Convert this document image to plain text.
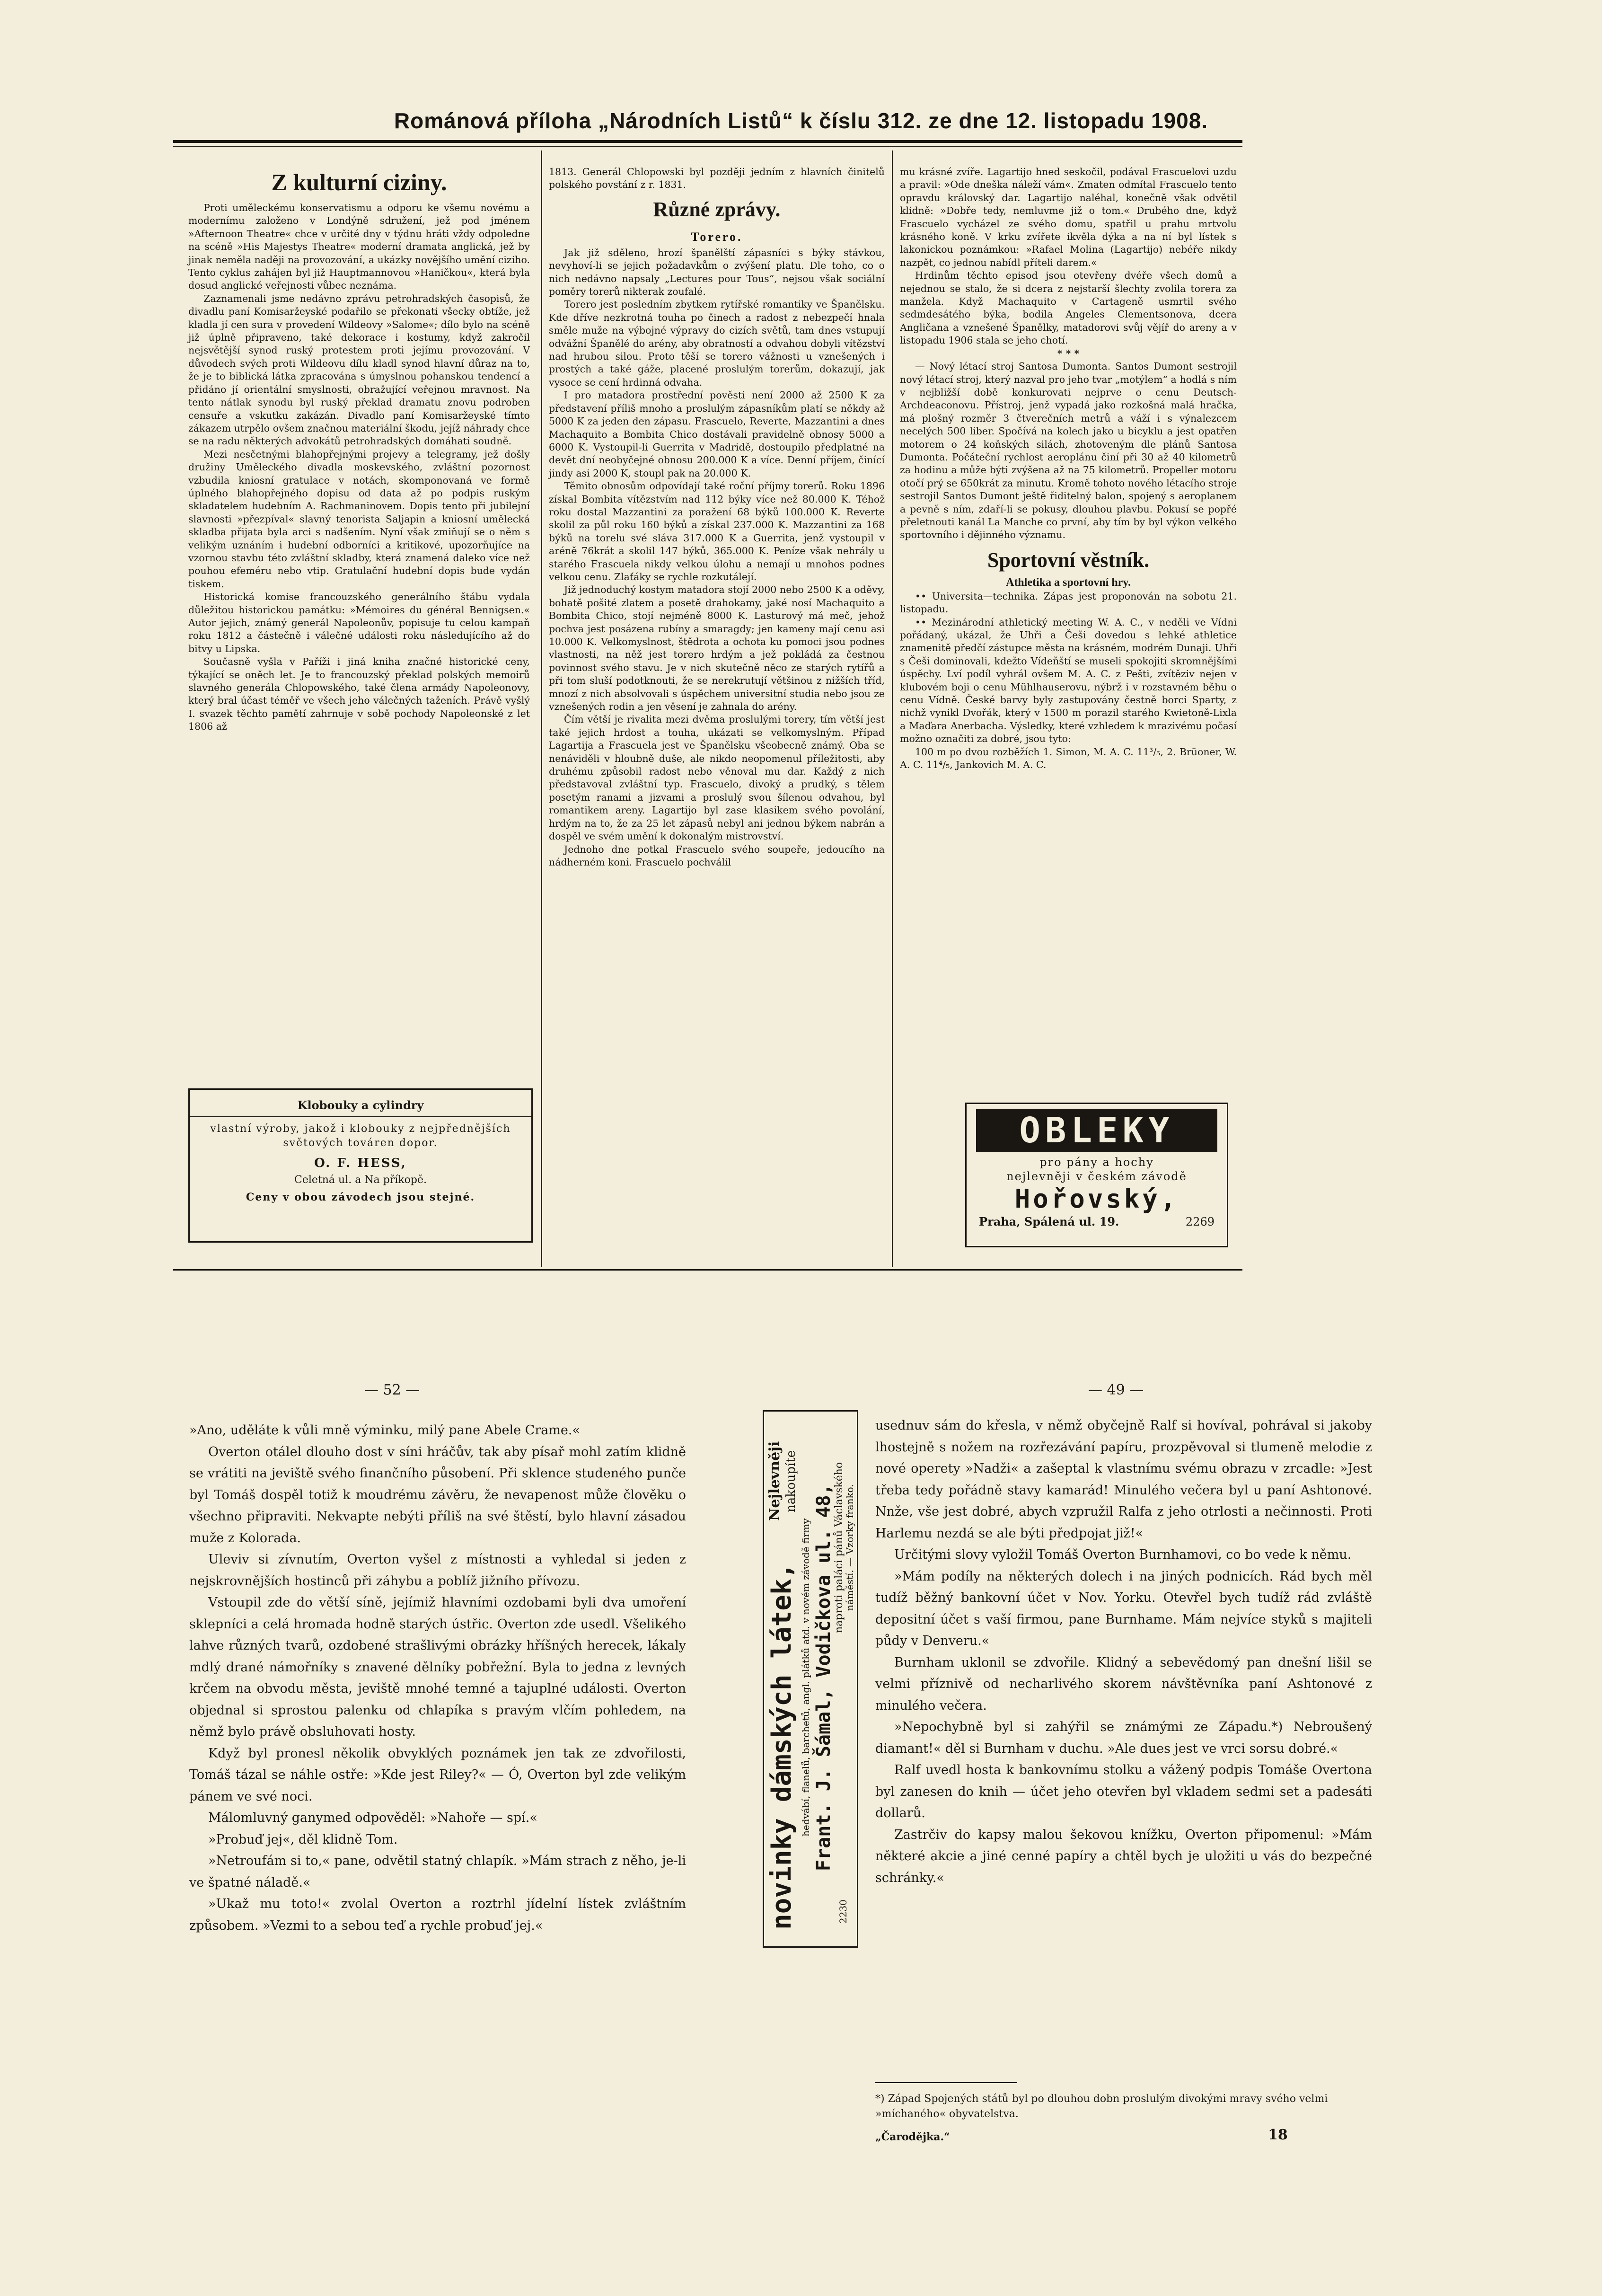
Románová příloha „Národních Listů“ k číslu 312. ze dne 12. listopadu 1908.
Z kulturní ciziny.

Proti uměleckému konservatismu a odporu ke všemu novému a modernímu založeno v Londýně sdružení, jež pod jménem »Afternoon Theatre« chce v určité dny v týdnu hráti vždy odpoledne na scéně »His Majestys Theatre« moderní dramata anglická, jež by jinak neměla naději na provozování, a ukázky novějšího umění ciziho. Tento cyklus zahájen byl již Hauptmannovou »Haničkou«, která byla dosud anglické veřejnosti vůbec neznáma.

Zaznamenali jsme nedávno zprávu petrohradských časopisů, že divadlu paní Komisaržeyské podařilo se překonati všecky obtíže, jež kladla jí cen sura v provedení Wildeovy »Salome«; dílo bylo na scéně již úplně připraveno, také dekorace i kostumy, když zakročil nejsvětější synod ruský protestem proti jejímu provozování. V důvodech svých proti Wildeovu dílu kladl synod hlavní důraz na to, že je to biblická látka zpracována s úmyslnou pohanskou tendencí a přidáno jí orientální smyslnosti, obražující veřejnou mravnost. Na tento nátlak synodu byl ruský překlad dramatu znovu podroben censuře a vskutku zakázán. Divadlo paní Komisaržeyské tímto zákazem utrpělo ovšem značnou materiální škodu, jejíž náhrady chce se na radu některých advokátů petrohradských domáhati soudně.

Mezi nesčetnými blahopřejnými projevy a telegramy, jež došly družiny Uměleckého divadla moskevského, zvláštní pozornost vzbudila kniosní gratulace v notách, skomponovaná ve formě úplného blahopřejného dopisu od data až po podpis ruským skladatelem hudebním A. Rachmaninovem. Dopis tento při jubilejní slavnosti »přezpíval« slavný tenorista Saljapin a kniosní umělecká skladba přijata byla arci s nadšením. Nyní však zmiňují se o něm s velikým uznáním i hudební odborníci a kritikové, upozorňujíce na vzornou stavbu této zvláštní skladby, která znamená daleko více než pouhou efeméru nebo vtip. Gratulační hudební dopis bude vydán tiskem.

Historická komise francouzského generálního štábu vydala důležitou historickou památku: »Mémoires du général Bennigsen.« Autor jejich, známý generál Napoleonův, popisuje tu celou kampaň roku 1812 a částečně i válečné události roku následujícího až do bitvy u Lipska.

Současně vyšla v Paříži i jiná kniha značné historické ceny, týkající se oněch let. Je to francouzský překlad polských memoirů slavného generála Chlopowského, také člena armády Napoleonovy, který bral účast téměř ve všech jeho válečných taženích. Právě vyšlý I. svazek těchto pamětí zahrnuje v sobě pochody Napoleonské z let 1806 až

Klobouky a cylindry
vlastní výroby, jakož i klobouky z nejpřednějších světových továren dopor.
O. F. HESS,
Celetná ul. a Na příkopě.
Ceny v obou závodech jsou stejné.

1813. Generál Chlopowski byl později jedním z hlavních činitelů polského povstání z r. 1831.

Různé zprávy.
Torero.

Jak již sděleno, hrozí španělští zápasníci s býky stávkou, nevyhoví-li se jejich požadavkům o zvýšení platu. Dle toho, co o nich nedávno napsaly „Lectures pour Tous“, nejsou však sociální poměry torerů nikterak zoufalé.

Torero jest posledním zbytkem rytířské romantiky ve Španělsku. Kde dříve nezkrotná touha po činech a radost z nebezpečí hnala směle muže na výbojné výpravy do cizích světů, tam dnes vstupují odvážní Španělé do arény, aby obratností a odvahou dobyli vítězství nad hrubou silou. Proto těší se torero vážnosti u vznešených i prostých a také gáže, placené proslulým torerům, dokazují, jak vysoce se cení hrdinná odvaha.

I pro matadora prostřední pověsti není 2000 až 2500 K za představení příliš mnoho a proslulým zápasníkům platí se někdy až 5000 K za jeden den zápasu. Frascuelo, Reverte, Mazzantini a dnes Machaquito a Bombita Chico dostávali pravidelně obnosy 5000 a 6000 K. Vystoupil-li Guerrita v Madridě, dostoupilo předplatné na devět dní neobyčejné obnosu 200.000 K a více. Denní příjem, činící jindy asi 2000 K, stoupl pak na 20.000 K.

Těmito obnosům odpovídají také roční příjmy torerů. Roku 1896 získal Bombita vítězstvím nad 112 býky více než 80.000 K. Téhož roku dostal Mazzantini za poražení 68 býků 100.000 K. Reverte skolil za půl roku 160 býků a získal 237.000 K. Mazzantini za 168 býků na torelu své sláva 317.000 K a Guerrita, jenž vystoupil v aréně 76krát a skolil 147 býků, 365.000 K. Peníze však nehrály u starého Frascuela nikdy velkou úlohu a nemají u mnohos podnes velkou cenu. Zlaťáky se rychle rozkutálejí.

Již jednoduchý kostym matadora stojí 2000 nebo 2500 K a oděvy, bohatě pošité zlatem a posetě drahokamy, jaké nosí Machaquito a Bombita Chico, stojí nejméně 8000 K. Lasturový má meč, jehož pochva jest posázena rubíny a smaragdy; jen kameny mají cenu asi 10.000 K. Velkomyslnost, štědrota a ochota ku pomoci jsou podnes vlastnosti, na něž jest torero hrdým a jež pokládá za čestnou povinnost svého stavu. Je v nich skutečně něco ze starých rytířů a při tom sluší podotknouti, že se nerekrutují většinou z nižších tříd, mnozí z nich absolvovali s úspěchem universitní studia nebo jsou ze vznešených rodin a jen věsení je zahnala do arény.

Čím větší je rivalita mezi dvěma proslulými torery, tím větší jest také jejich hrdost a touha, ukázati se velkomyslným. Případ Lagartija a Frascuela jest ve Španělsku všeobecně známý. Oba se nenáviděli v hloubně duše, ale nikdo neopomenul příležitosti, aby druhému způsobil radost nebo věnoval mu dar. Každý z nich představoval zvláštní typ. Frascuelo, divoký a prudký, s tělem posetým ranami a jizvami a proslulý svou šílenou odvahou, byl romantikem areny. Lagartijo byl zase klasikem svého povolání, hrdým na to, že za 25 let zápasů nebyl ani jednou býkem nabrán a dospěl ve svém umění k dokonalým mistrovství.

Jednoho dne potkal Frascuelo svého soupeře, jedoucího na nádherném koni. Frascuelo pochválil

mu krásné zvíře. Lagartijo hned seskočil, podával Frascuelovi uzdu a pravil: »Ode dneška náleží vám«. Zmaten odmítal Frascuelo tento opravdu královský dar. Lagartijo naléhal, konečně však odvětil klidně: »Dobře tedy, nemluvme již o tom.« Drubého dne, když Frascuelo vycházel ze svého domu, spatřil u prahu mrtvolu krásného koně. V krku zvířete ikvěla dýka a na ní byl lístek s lakonickou poznámkou: »Rafael Molina (Lagartijo) nebéře nikdy nazpět, co jednou nabídl příteli darem.«

Hrdinům těchto episod jsou otevřeny dvéře všech domů a nejednou se stalo, že si dcera z nejstarší šlechty zvolila torera za manžela. Když Machaquito v Cartageně usmrtil svého sedmdesátého býka, bodila Angeles Clementsonova, dcera Angličana a vznešené Španělky, matadorovi svůj vějíř do areny a v listopadu 1906 stala se jeho chotí.

* * *

— Nový létací stroj Santosa Dumonta. Santos Dumont sestrojil nový létací stroj, který nazval pro jeho tvar „motýlem“ a hodlá s ním v nejbližší době konkurovati nejprve o cenu Deutsch-Archdeaconovu. Přístroj, jenž vypadá jako rozkošná malá hračka, má plošný rozměr 3 čtverečních metrů a váží i s výnalezcem necelých 500 liber. Spočívá na kolech jako u bicyklu a jest opatřen motorem o 24 koňských silách, zhotoveným dle plánů Santosa Dumonta. Počáteční rychlost aeroplánu činí při 30 až 40 kilometrů za hodinu a může býti zvýšena až na 75 kilometrů. Propeller motoru otočí prý se 650krát za minutu. Kromě tohoto nového létacího stroje sestrojil Santos Dumont ještě řiditelný balon, spojený s aeroplanem a pevně s ním, zdaří-li se pokusy, dlouhou plavbu. Pokusí se popřé přeletnouti kanál La Manche co první, aby tím by byl výkon velkého sportovního i dějinného významu.

Sportovní věstník.
Athletika a sportovní hry.

•• Universita—technika. Zápas jest proponován na sobotu 21. listopadu.

•• Mezinárodní athletický meeting W. A. C., v neděli ve Vídni pořádaný, ukázal, že Uhři a Češi dovedou s lehké athletice znamenitě předčí zástupce města na krásném, modrém Dunaji. Uhři s Češi dominovali, kdežto Vídeňští se museli spokojiti skromnějšími úspěchy. Lví podíl vyhrál ovšem M. A. C. z Pešti, zvítěziv nejen v klubovém boji o cenu Mühlhauserovu, nýbrž i v rozstavném běhu o cenu Vídně. České barvy byly zastupovány čestně borci Sparty, z nichž vynikl Dvořák, který v 1500 m porazil starého Kwietoně-Lixla a Maďara Anerbacha. Výsledky, které vzhledem k mrazivému počasí možno označiti za dobré, jsou tyto:

100 m po dvou rozběžích 1. Simon, M. A. C. 11³/₅, 2. Brüoner, W. A. C. 11⁴/₅, Jankovich M. A. C.

OBLEKY
pro pány a hochy
nejlevněji v českém závodě
Hořovský,
Praha, Spálená ul. 19.	2269
— 52 —

»Ano, uděláte k vůli mně výminku, milý pane Abele Crame.«

Overton otálel dlouho dost v síni hráčův, tak aby písař mohl zatím klidně se vrátiti na jeviště svého finančního působení. Při sklence studeného punče byl Tomáš dospěl totiž k moudrému závěru, že nevapenost může člověku o všechno připraviti. Nekvapte nebýti příliš na své štěstí, bylo hlavní zásadou muže z Kolorada.

Uleviv si zívnutím, Overton vyšel z místnosti a vyhledal si jeden z nejskrovnějších hostinců při záhybu a poblíž jižního přívozu.

Vstoupil zde do větší síně, jejímiž hlavními ozdobami byli dva umoření sklepníci a celá hromada hodně starých ústřic. Overton zde usedl. Všelikého lahve různých tvarů, ozdobené strašlivými obrázky hříšných herecek, lákaly mdlý drané námořníky s znavené dělníky pobřežní. Byla to jedna z levných krčem na obvodu města, jeviště mnohé temné a tajuplné události. Overton objednal si sprostou palenku od chlapíka s pravým vlčím pohledem, na němž bylo právě obsluhovati hosty.

Když byl pronesl několik obvyklých poznámek jen tak ze zdvořilosti, Tomáš tázal se náhle ostře: »Kde jest Riley?« — Ó, Overton byl zde velikým pánem ve své noci.

Málomluvný ganymed odpověděl: »Nahoře — spí.«

»Probuď jej«, děl klidně Tom.

»Netroufám si to,« pane, odvětil statný chlapík. »Mám strach z něho, je-li ve špatné náladě.«

»Ukaž mu toto!« zvolal Overton a roztrhl jídelní lístek zvláštním způsobem. »Vezmi to a sebou teď a rychle probuď jej.«

Nejlevněji nakoupíte
novinky dámských látek, hedvábí, flanelů, barchetů, angl. plátků atd. v novém závodě firmy Frant. J. Šámal, Vodičkova ul. 48,
naproti paláci pánů Václavského
náměstí. — Vzorky franko.
2230
— 49 —

usednuv sám do křesla, v němž obyčejně Ralf si hovíval, pohrával si jakoby lhostejně s nožem na rozřezávání papíru, prozpěvoval si tlumeně melodie z nové operety »Nadži« a zašeptal k vlastnímu svému obrazu v zrcadle: »Jest třeba tedy pořádně stavy kamarád! Minulého večera byl u paní Ashtonové. Nnže, vše jest dobré, abych vzpružil Ralfa z jeho otrlosti a nečinnosti. Proti Harlemu nezdá se ale býti předpojat již!«

Určitými slovy vyložil Tomáš Overton Burnhamovi, co bo vede k němu.

»Mám podíly na některých dolech i na jiných podnicích. Rád bych měl tudíž běžný bankovní účet v Nov. Yorku. Otevřel bych tudíž rád zvláště depositní účet s vaší firmou, pane Burnhame. Mám nejvíce styků s majiteli půdy v Denveru.«

Burnham uklonil se zdvořile. Klidný a sebevědomý pan dnešní lišil se velmi příznivě od necharlivého skorem návštěvníka paní Ashtonové z minulého večera.

»Nepochybně byl si zahýřil se známými ze Západu.*) Nebroušený diamant!« děl si Burnham v duchu. »Ale dues jest ve vrci sorsu dobré.«

Ralf uvedl hosta k bankovnímu stolku a vážený podpis Tomáše Overtona byl zanesen do knih — účet jeho otevřen byl vkladem sedmi set a padesáti dollarů.

Zastrčiv do kapsy malou šekovou knížku, Overton připomenul: »Mám některé akcie a jiné cenné papíry a chtěl bych je uložiti u vás do bezpečné schránky.«

*) Západ Spojených států byl po dlouhou dobn proslulým divokými mravy svého velmi »míchaného« obyvatelstva.
„Čarodějka.“	18
